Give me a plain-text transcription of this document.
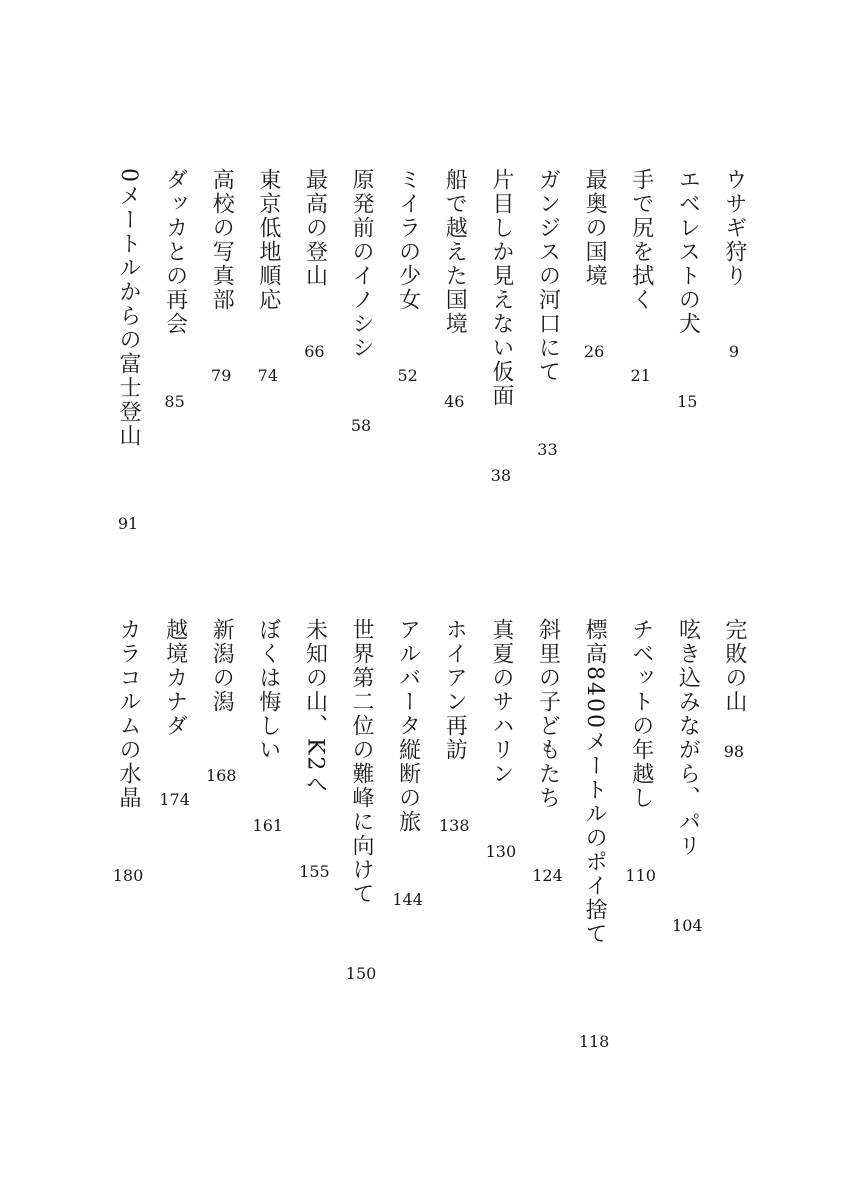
ウサギ狩り
9
エベレストの犬
15
手で尻を拭く
21
最奥の国境
26
ガンジスの河口にて
33
片目しか見えない仮面
38
船で越えた国境
46
ミイラの少女
52
原発前のイノシシ
58
最高の登山
66
東京低地順応
74
高校の写真部
79
ダッカとの再会
85
0メートルからの富士登山
91
完敗の山
98
呟き込みながら、パリ
104
チベットの年越し
110
標高8400メートルのポイ捨て
118
斜里の子どもたち
124
真夏のサハリン
130
ホイアン再訪
138
アルバータ縦断の旅
144
世界第二位の難峰に向けて
150
未知の山、K2へ
155
ぼくは悔しい
161
新潟の潟
168
越境カナダ
174
カラコルムの水晶
180
